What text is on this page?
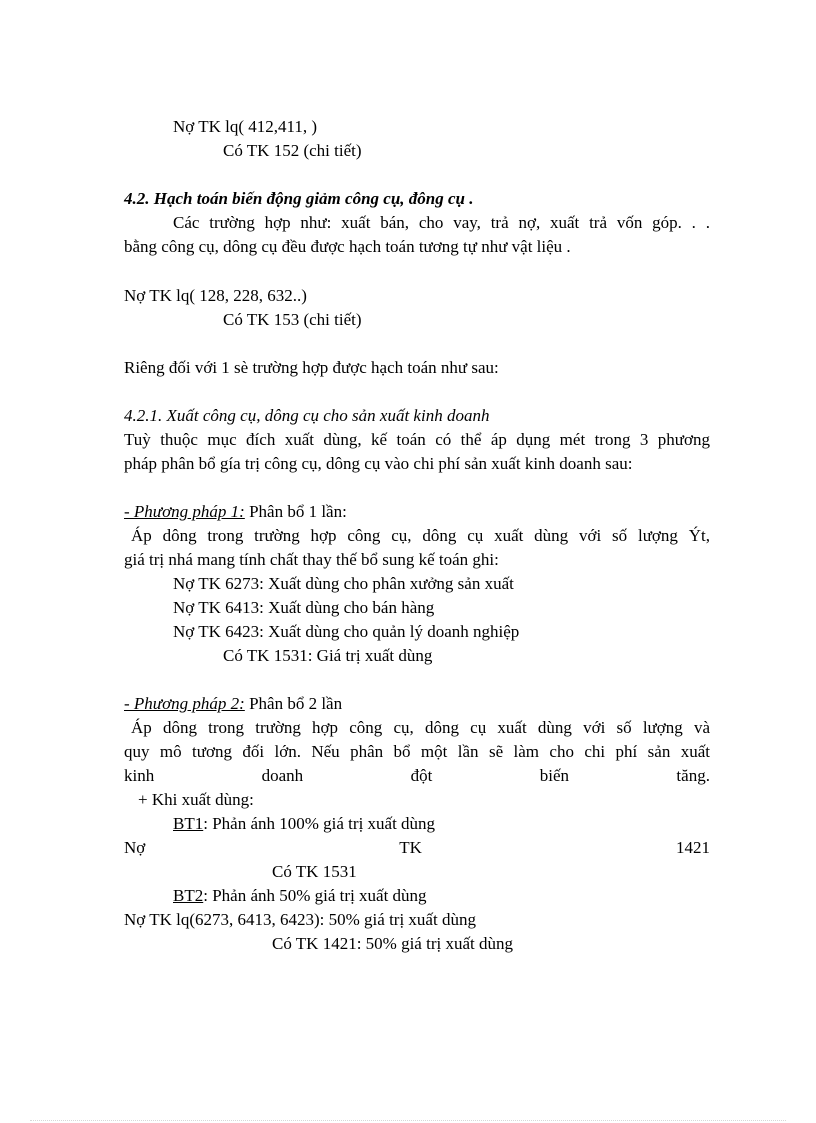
Nợ TK lq( 412,411, )
Có TK 152 (chi tiết)
4.2. Hạch toán biến động giảm công cụ, đông cụ .
Các trường hợp như: xuất bán, cho vay, trả nợ, xuất trả vốn góp. . .
bằng công cụ, dông cụ đều được hạch toán tương tự như vật liệu .
Nợ TK lq( 128, 228, 632..)
Có TK 153 (chi tiết)
Riêng đối với 1 sè trường hợp được hạch toán như sau:
4.2.1. Xuất công cụ, dông cụ cho sản xuất kinh doanh
Tuỳ thuộc mục đích xuất dùng, kế toán có thể áp dụng mét trong 3 phương
pháp phân bổ gía trị công cụ, dông cụ vào chi phí sản xuất kinh doanh sau:
- Phương pháp 1: Phân bổ 1 lần:
Áp dông trong trường hợp công cụ, dông cụ xuất dùng với số lượng Ýt,
giá trị nhá mang tính chất thay thế bổ sung kế toán ghi:
Nợ TK 6273: Xuất dùng cho phân xưởng sản xuất
Nợ TK 6413: Xuất dùng cho bán hàng
Nợ TK 6423: Xuất dùng cho quản lý doanh nghiệp
Có TK 1531: Giá trị xuất dùng
- Phương pháp 2: Phân bổ 2 lần
Áp dông trong trường hợp công cụ, dông cụ xuất dùng với số lượng và
quy mô tương đối lớn. Nếu phân bổ một lần sẽ làm cho chi phí sản xuất
kinh	doanh	đột	biến	tăng.
+ Khi xuất dùng:
BT1: Phản ánh 100% giá trị xuất dùng
Nợ	TK	1421
Có TK 1531
BT2: Phản ánh 50% giá trị xuất dùng
Nợ TK lq(6273, 6413, 6423): 50% giá trị xuất dùng
Có TK 1421: 50% giá trị xuất dùng
